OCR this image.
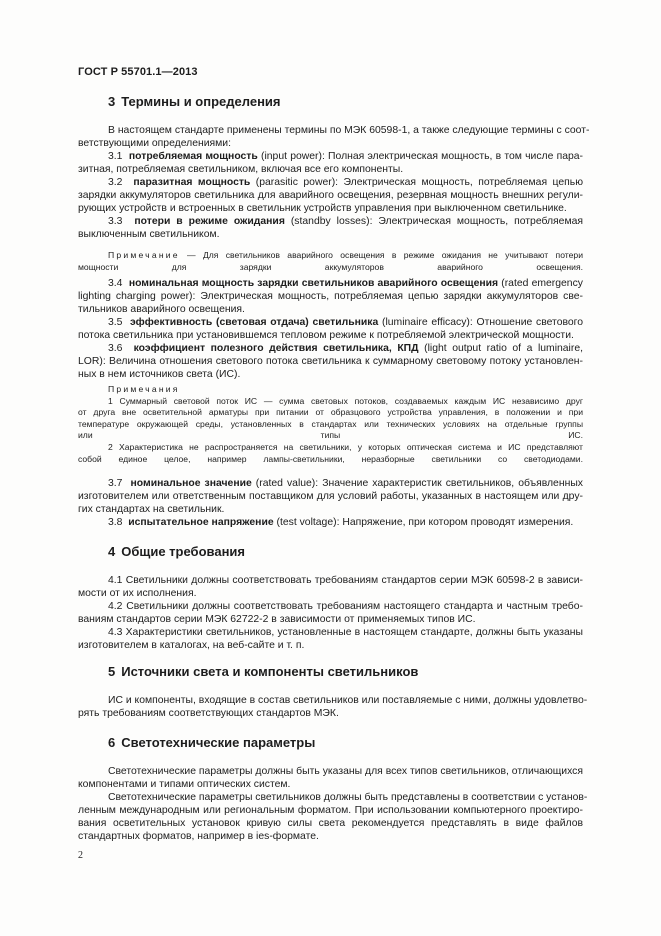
ГОСТ Р 55701.1—2013
3 Термины и определения
В настоящем стандарте применены термины по МЭК 60598-1, а также следующие термины с соот-
ветствующими определениями:
3.1 потребляемая мощность (input power): Полная электрическая мощность, в том числе пара-
зитная, потребляемая светильником, включая все его компоненты.
3.2 паразитная мощность (parasitic power): Электрическая мощность, потребляемая цепью
зарядки аккумуляторов светильника для аварийного освещения, резервная мощность внешних регули-
рующих устройств и встроенных в светильник устройств управления при выключенном светильнике.
3.3 потери в режиме ожидания (standby losses): Электрическая мощность, потребляемая
выключенным светильником.
Примечание — Для светильников аварийного освещения в режиме ожидания не учитывают потери
мощности для зарядки аккумуляторов аварийного освещения.
3.4 номинальная мощность зарядки светильников аварийного освещения (rated emergency
lighting charging power): Электрическая мощность, потребляемая цепью зарядки аккумуляторов све-
тильников аварийного освещения.
3.5 эффективность (световая отдача) светильника (luminaire efficacy): Отношение светового
потока светильника при установившемся тепловом режиме к потребляемой электрической мощности.
3.6 коэффициент полезного действия светильника, КПД (light output ratio of a luminaire,
LOR): Величина отношения светового потока светильника к суммарному световому потоку установлен-
ных в нем источников света (ИС).
Примечания
1 Суммарный световой поток ИС — сумма световых потоков, создаваемых каждым ИС независимо друг
от друга вне осветительной арматуры при питании от образцового устройства управления, в положении и при
температуре окружающей среды, установленных в стандартах или технических условиях на отдельные группы
или типы ИС.
2 Характеристика не распространяется на светильники, у которых оптическая система и ИС представляют
собой единое целое, например лампы-светильники, неразборные светильники со светодиодами.
3.7 номинальное значение (rated value): Значение характеристик светильников, объявленных
изготовителем или ответственным поставщиком для условий работы, указанных в настоящем или дру-
гих стандартах на светильник.
3.8 испытательное напряжение (test voltage): Напряжение, при котором проводят измерения.
4 Общие требования
4.1 Светильники должны соответствовать требованиям стандартов серии МЭК 60598-2 в зависи-
мости от их исполнения.
4.2 Светильники должны соответствовать требованиям настоящего стандарта и частным требо-
ваниям стандартов серии МЭК 62722-2 в зависимости от применяемых типов ИС.
4.3 Характеристики светильников, установленные в настоящем стандарте, должны быть указаны
изготовителем в каталогах, на веб-сайте и т. п.
5 Источники света и компоненты светильников
ИС и компоненты, входящие в состав светильников или поставляемые с ними, должны удовлетво-
рять требованиям соответствующих стандартов МЭК.
6 Светотехнические параметры
Светотехнические параметры должны быть указаны для всех типов светильников, отличающихся
компонентами и типами оптических систем.
Светотехнические параметры светильников должны быть представлены в соответствии с установ-
ленным международным или региональным форматом. При использовании компьютерного проектиро-
вания осветительных установок кривую силы света рекомендуется представлять в виде файлов
стандартных форматов, например в ies-формате.
2
